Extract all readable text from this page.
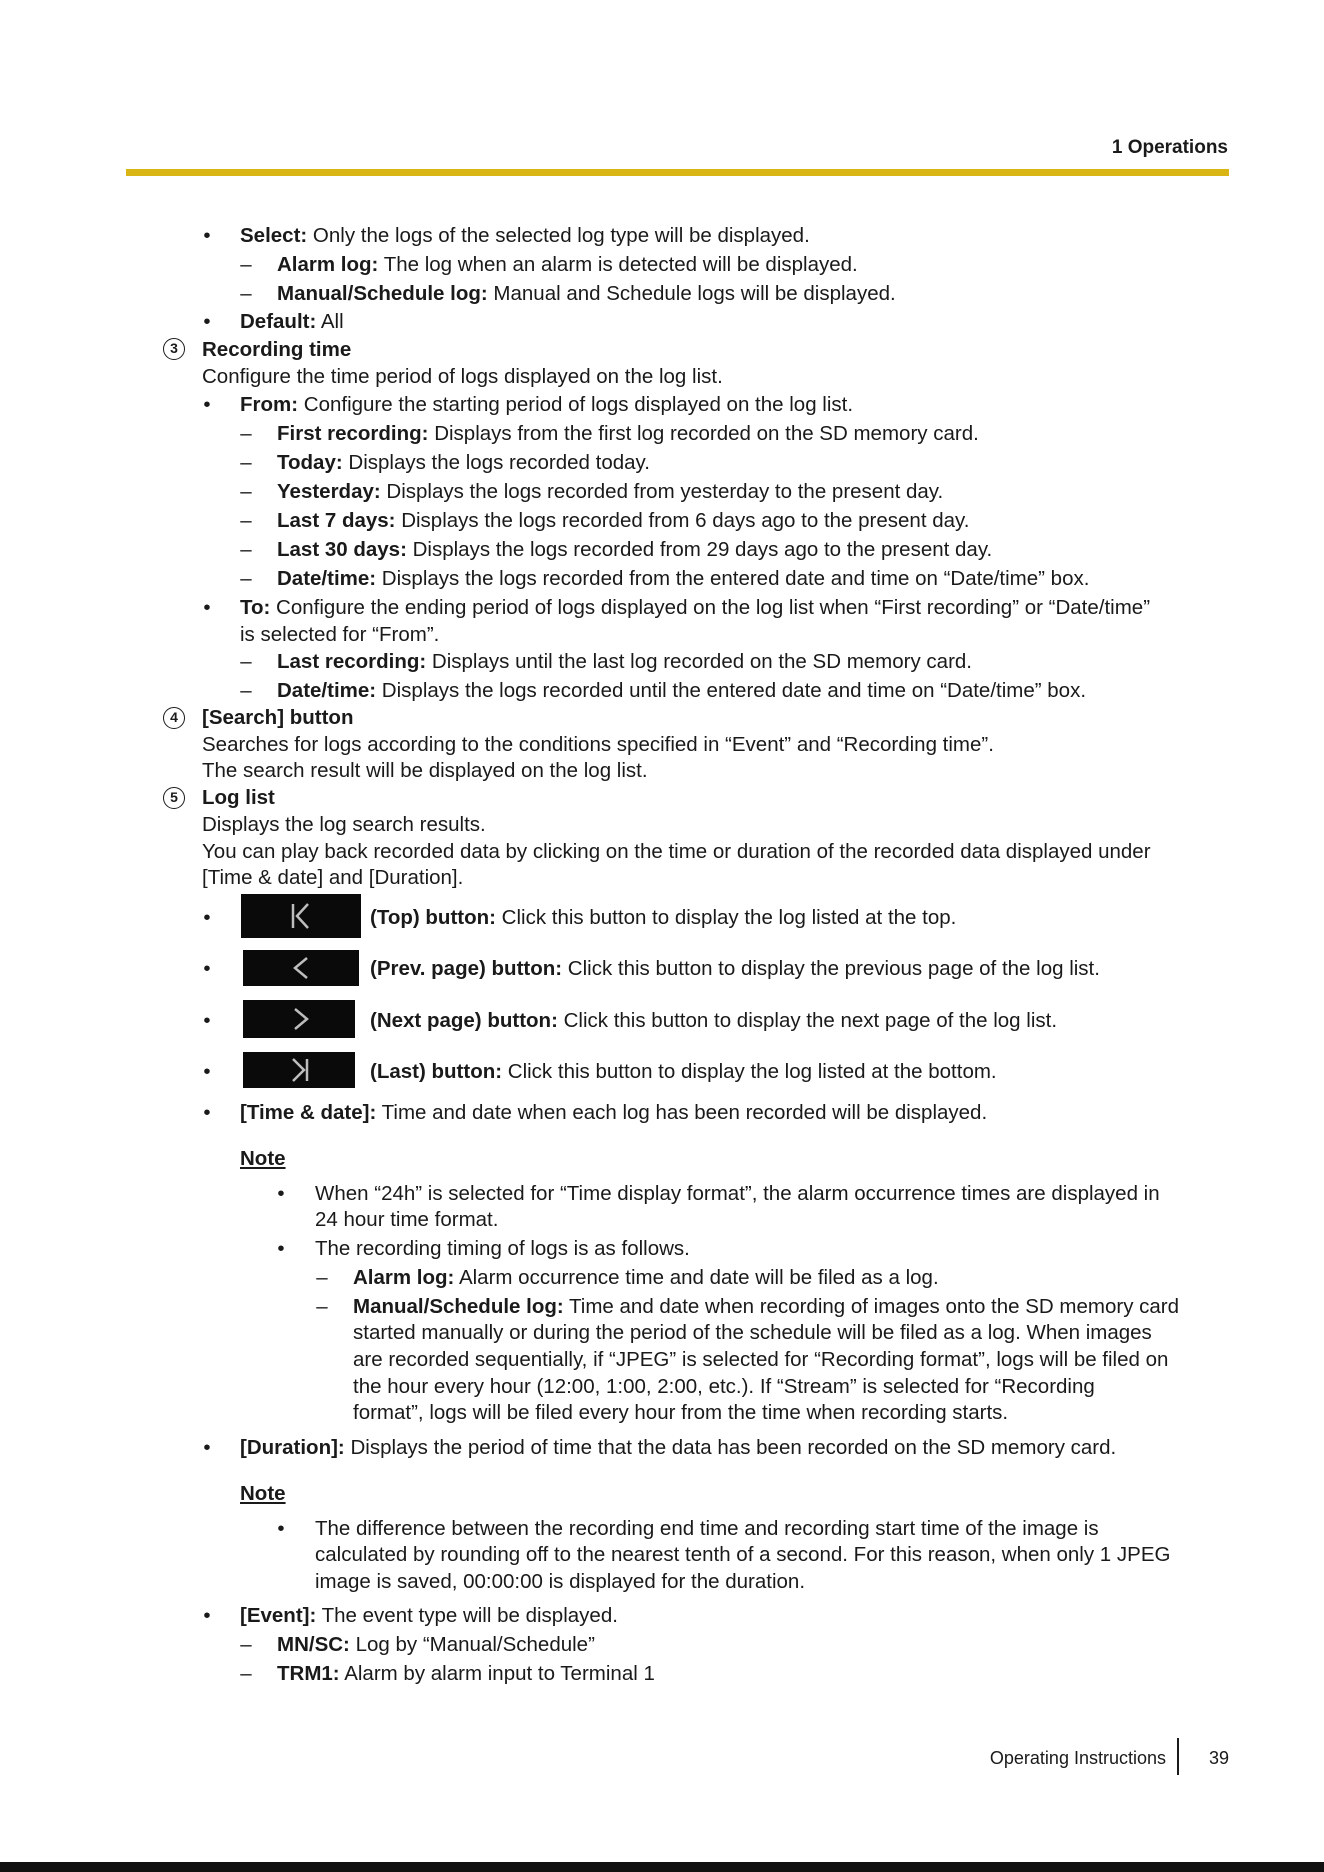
1 Operations
• Select: Only the logs of the selected log type will be displayed.
– Alarm log: The log when an alarm is detected will be displayed.
– Manual/Schedule log: Manual and Schedule logs will be displayed.
• Default: All
3	Recording time
Configure the time period of logs displayed on the log list.
• From: Configure the starting period of logs displayed on the log list.
– First recording: Displays from the first log recorded on the SD memory card.
– Today: Displays the logs recorded today.
– Yesterday: Displays the logs recorded from yesterday to the present day.
– Last 7 days: Displays the logs recorded from 6 days ago to the present day.
– Last 30 days: Displays the logs recorded from 29 days ago to the present day.
– Date/time: Displays the logs recorded from the entered date and time on “Date/time” box.
• To: Configure the ending period of logs displayed on the log list when “First recording” or “Date/time”
is selected for “From”.
– Last recording: Displays until the last log recorded on the SD memory card.
– Date/time: Displays the logs recorded until the entered date and time on “Date/time” box.
4	[Search] button
Searches for logs according to the conditions specified in “Event” and “Recording time”.
The search result will be displayed on the log list.
5	Log list
Displays the log search results.
You can play back recorded data by clicking on the time or duration of the recorded data displayed under
[Time & date] and [Duration].
•	(Top) button: Click this button to display the log listed at the top.
•	(Prev. page) button: Click this button to display the previous page of the log list.
•	(Next page) button: Click this button to display the next page of the log list.
•	(Last) button: Click this button to display the log listed at the bottom.
• [Time & date]: Time and date when each log has been recorded will be displayed.
Note
• When “24h” is selected for “Time display format”, the alarm occurrence times are displayed in
24 hour time format.
• The recording timing of logs is as follows.
– Alarm log: Alarm occurrence time and date will be filed as a log.
– Manual/Schedule log: Time and date when recording of images onto the SD memory card
started manually or during the period of the schedule will be filed as a log. When images
are recorded sequentially, if “JPEG” is selected for “Recording format”, logs will be filed on
the hour every hour (12:00, 1:00, 2:00, etc.). If “Stream” is selected for “Recording
format”, logs will be filed every hour from the time when recording starts.
• [Duration]: Displays the period of time that the data has been recorded on the SD memory card.
Note
• The difference between the recording end time and recording start time of the image is
calculated by rounding off to the nearest tenth of a second. For this reason, when only 1 JPEG
image is saved, 00:00:00 is displayed for the duration.
• [Event]: The event type will be displayed.
– MN/SC: Log by “Manual/Schedule”
– TRM1: Alarm by alarm input to Terminal 1
Operating Instructions 39
